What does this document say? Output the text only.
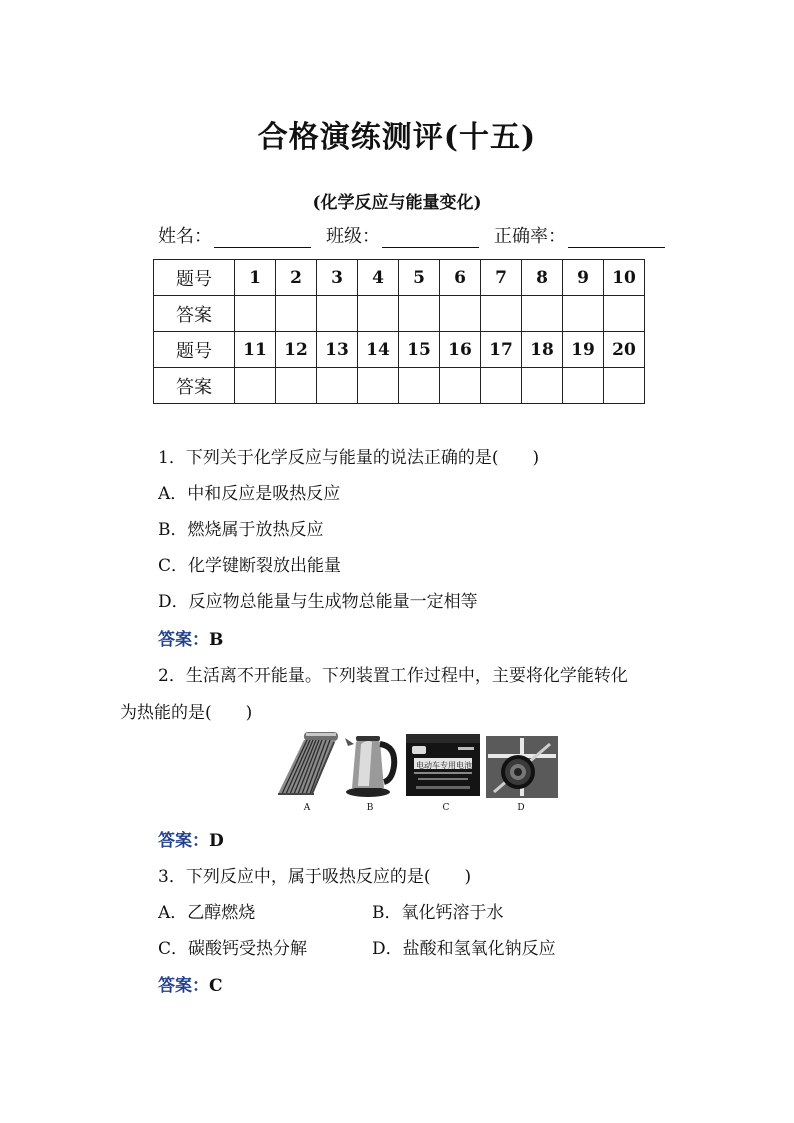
合格演练测评(十五)
(化学反应与能量变化)
姓名：	班级：	正确率：
题号	1	2	3	4	5	6	7	8	9	10
答案										
题号	11	12	13	14	15	16	17	18	19	20
答案										
1．下列关于化学反应与能量的说法正确的是(　　)
A．中和反应是吸热反应
B．燃烧属于放热反应
C．化学键断裂放出能量
D．反应物总能量与生成物总能量一定相等
答案：B
2．生活离不开能量。下列装置工作过程中，主要将化学能转化
为热能的是(　　)
A	B
电动车专用电池
C	D
答案：D
3．下列反应中，属于吸热反应的是(　　)
A．乙醇燃烧	B．氧化钙溶于水
C．碳酸钙受热分解	D．盐酸和氢氧化钠反应
答案：C
